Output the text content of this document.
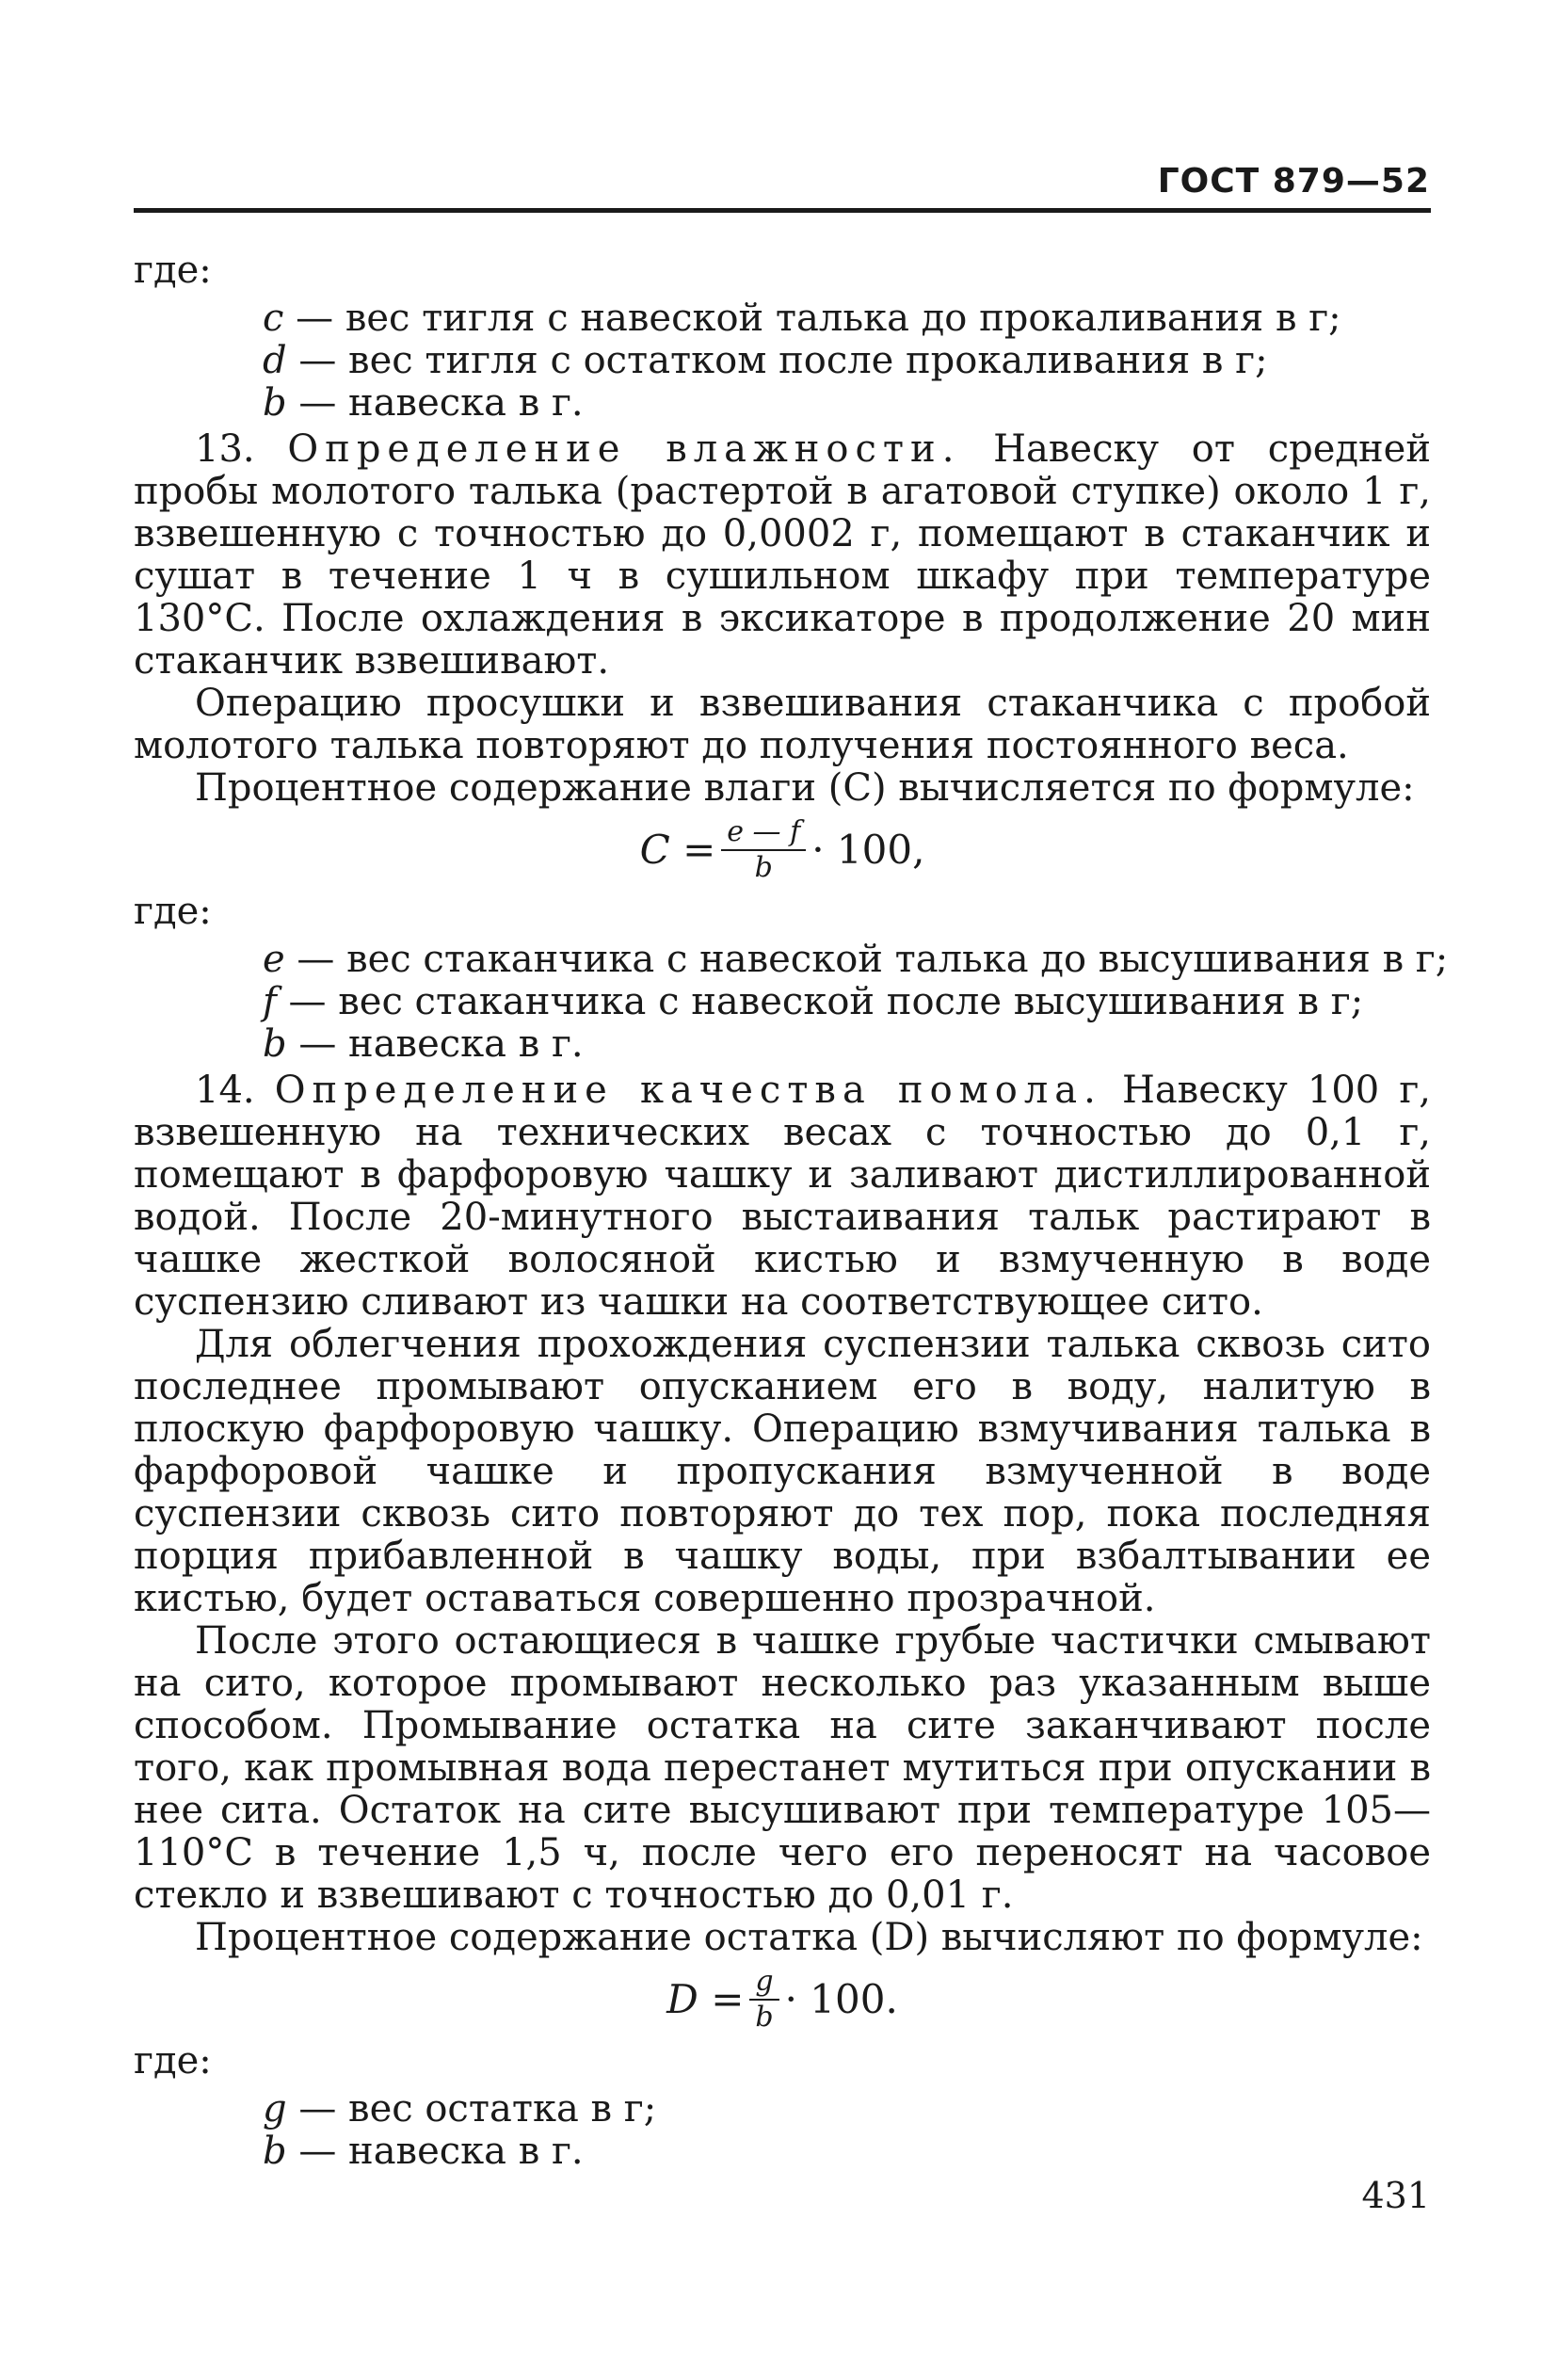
ГОСТ 879—52
где:
c — вес тигля с навеской талька до прокаливания в г;
d — вес тигля с остатком после прокаливания в г;
b — навеска в г.

13. Определение влажности. Навеску от средней пробы молотого талька (растертой в агатовой ступке) около 1 г, взвешенную с точностью до 0,0002 г, помещают в стаканчик и сушат в течение 1 ч в сушильном шкафу при температуре 130°С. После охлаждения в эксикаторе в продолжение 20 мин стаканчик взвешивают.

Операцию просушки и взвешивания стаканчика с пробой молотого талька повторяют до получения постоянного веса.

Процентное содержание влаги (С) вычисляется по формуле:

$C = \frac{e — f}{b} \cdot 100$,
где:
e — вес стаканчика с навеской талька до высушивания в г;
f — вес стаканчика с навеской после высушивания в г;
b — навеска в г.

14. Определение качества помола. Навеску 100 г, взвешенную на технических весах с точностью до 0,1 г, помещают в фарфоровую чашку и заливают дистиллированной водой. После 20-минутного выстаивания тальк растирают в чашке жесткой волосяной кистью и взмученную в воде суспензию сливают из чашки на соответствующее сито.

Для облегчения прохождения суспензии талька сквозь сито последнее промывают опусканием его в воду, налитую в плоскую фарфоровую чашку. Операцию взмучивания талька в фарфоровой чашке и пропускания взмученной в воде суспензии сквозь сито повторяют до тех пор, пока последняя порция прибавленной в чашку воды, при взбалтывании ее кистью, будет оставаться совершенно прозрачной.

После этого остающиеся в чашке грубые частички смывают на сито, которое промывают несколько раз указанным выше способом. Промывание остатка на сите заканчивают после того, как промывная вода перестанет мутиться при опускании в нее сита. Остаток на сите высушивают при температуре 105—110°С в течение 1,5 ч, после чего его переносят на часовое стекло и взвешивают с точностью до 0,01 г.

Процентное содержание остатка (D) вычисляют по формуле:

$D = \frac{g}{b} \cdot 100$.
где:
g — вес остатка в г;
b — навеска в г.
431
